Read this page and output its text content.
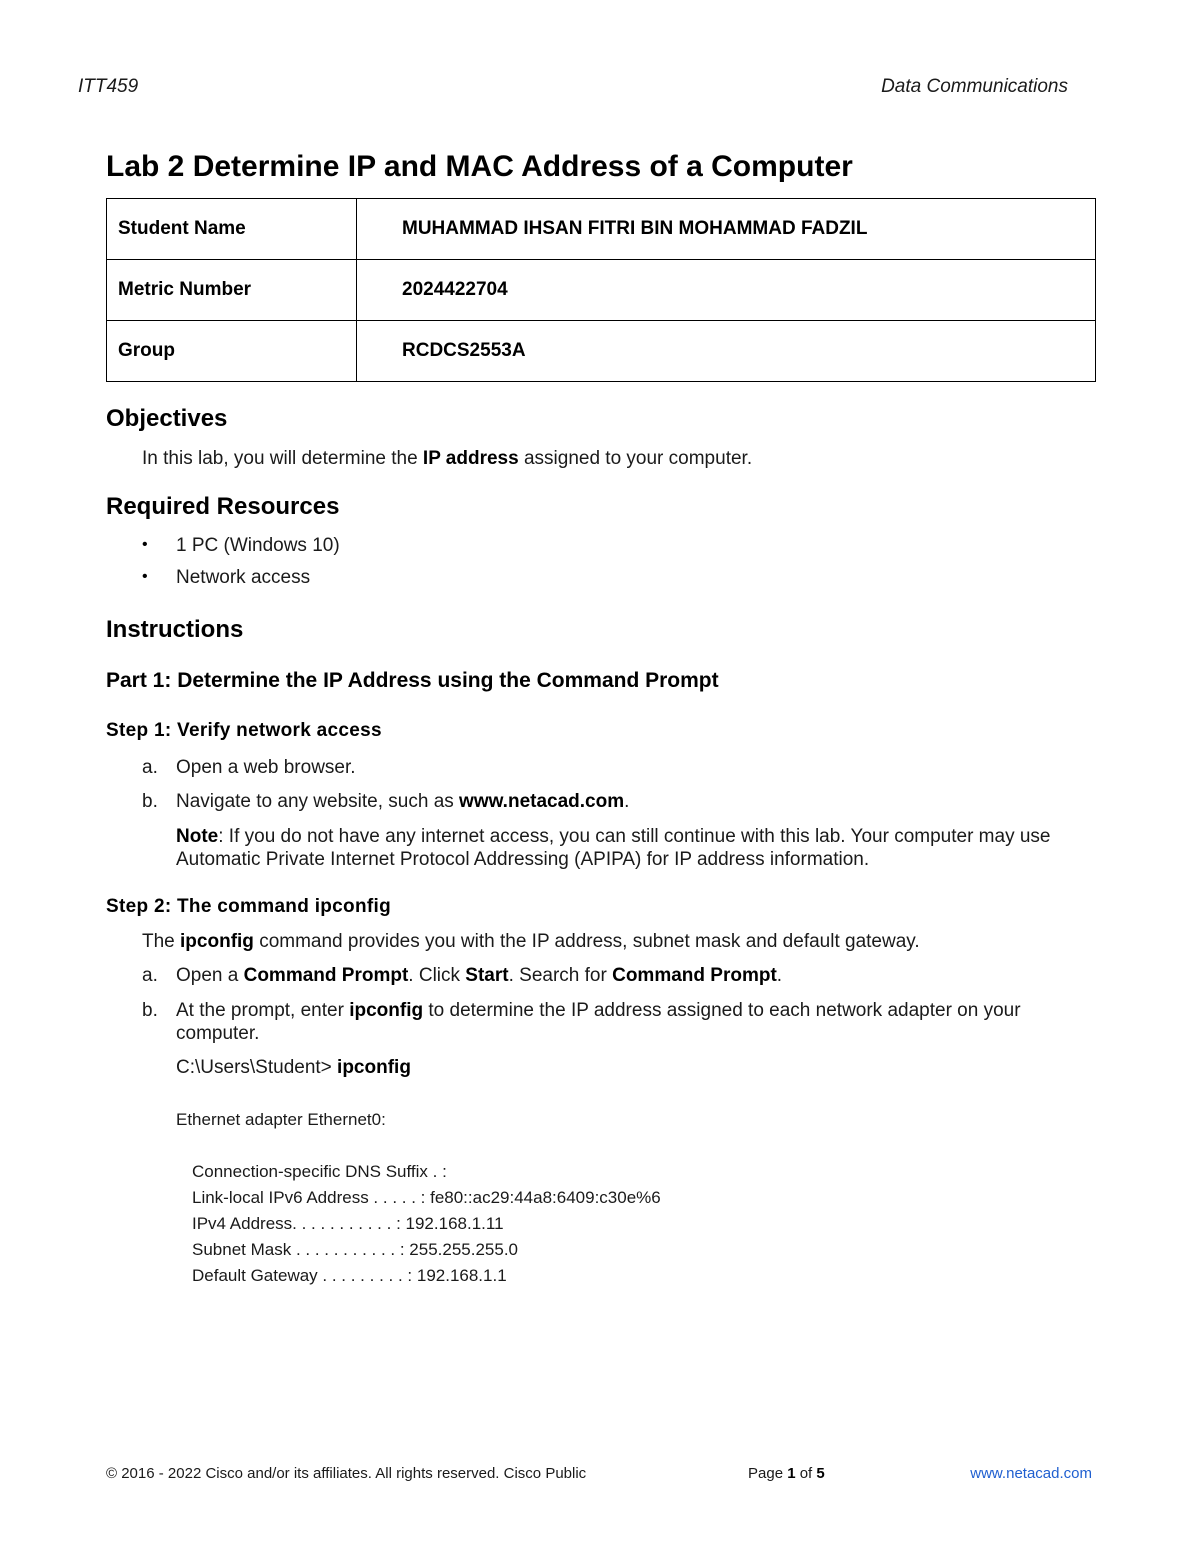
ITT459	Data Communications
Lab 2 Determine IP and MAC Address of a Computer
Student Name	MUHAMMAD IHSAN FITRI BIN MOHAMMAD FADZIL
Metric Number	2024422704
Group	RCDCS2553A
Objectives
In this lab, you will determine the IP address assigned to your computer.
Required Resources
• 1 PC (Windows 10)
• Network access
Instructions
Part 1: Determine the IP Address using the Command Prompt
Step 1: Verify network access
a. Open a web browser.
b. Navigate to any website, such as www.netacad.com.
Note: If you do not have any internet access, you can still continue with this lab. Your computer may use
Automatic Private Internet Protocol Addressing (APIPA) for IP address information.
Step 2: The command ipconfig
The ipconfig command provides you with the IP address, subnet mask and default gateway.
a. Open a Command Prompt. Click Start. Search for Command Prompt.
b. At the prompt, enter ipconfig to determine the IP address assigned to each network adapter on your
computer.
C:\Users\Student> ipconfig
Ethernet adapter Ethernet0:
Connection-specific DNS Suffix . :
Link-local IPv6 Address . . . . . : fe80::ac29:44a8:6409:c30e%6
IPv4 Address. . . . . . . . . . . : 192.168.1.11
Subnet Mask . . . . . . . . . . . : 255.255.255.0
Default Gateway . . . . . . . . . : 192.168.1.1
© 2016 - 2022 Cisco and/or its affiliates. All rights reserved. Cisco Public	Page 1 of 5	www.netacad.com
